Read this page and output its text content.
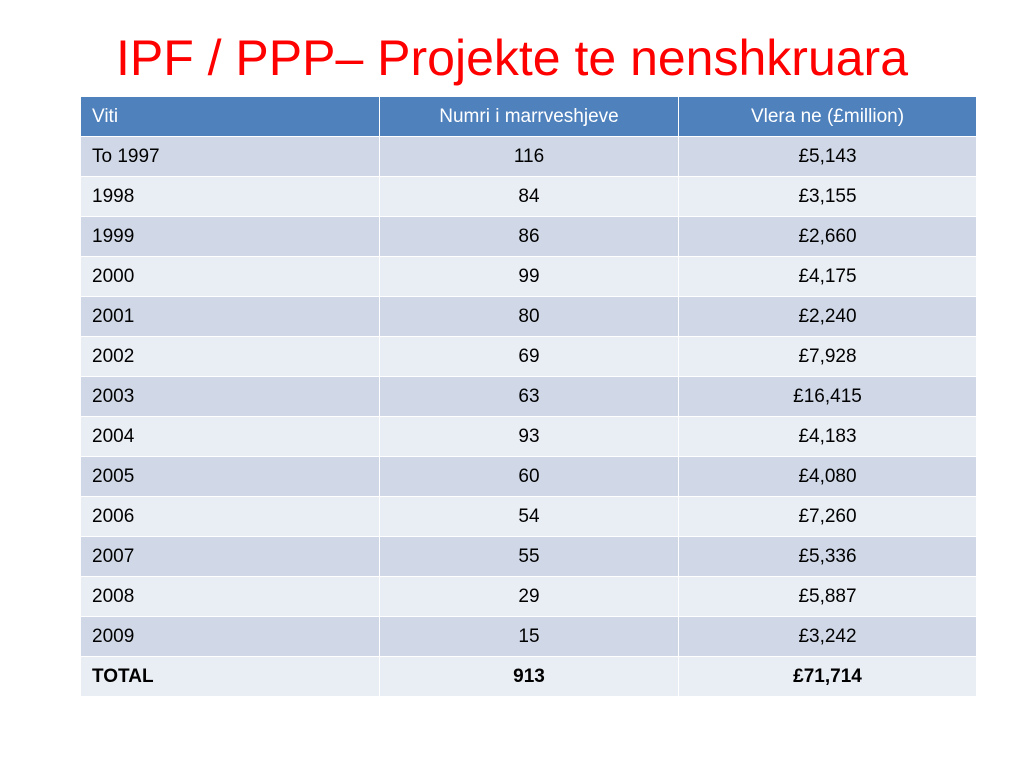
IPF / PPP– Projekte te nenshkruara
Viti	Numri i marrveshjeve	Vlera ne (£million)
To 1997	116	£5,143
1998	84	£3,155
1999	86	£2,660
2000	99	£4,175
2001	80	£2,240
2002	69	£7,928
2003	63	£16,415
2004	93	£4,183
2005	60	£4,080
2006	54	£7,260
2007	55	£5,336
2008	29	£5,887
2009	15	£3,242
TOTAL	913	£71,714
